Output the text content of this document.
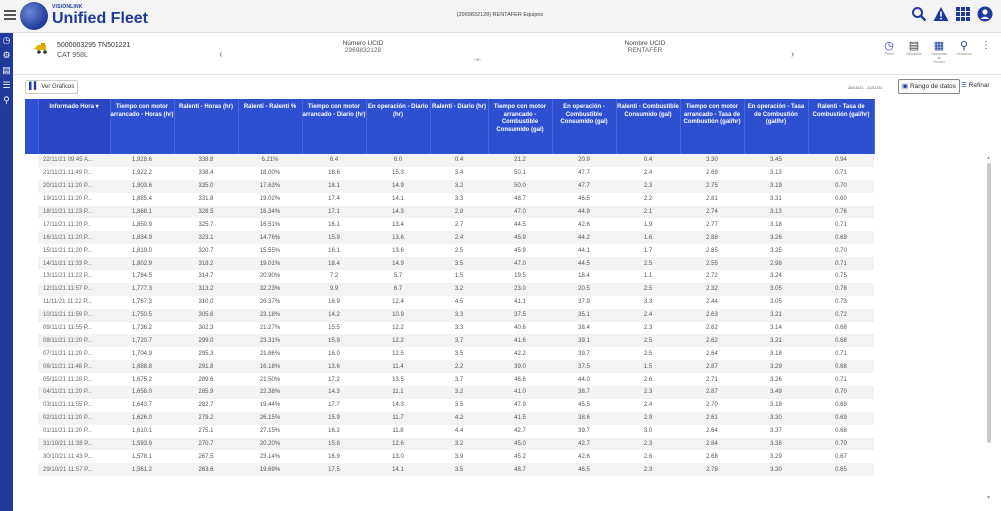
VISIONLINK
Unified Fleet	(2969832128) RENTAFER Equipos
◷
⚙
▤
☰
⚲
5000003295 TN501221
CAT 958L	‹
Número UCID
2969832128
○●○
Nombre UCID
RENTAFER	›
◷
Panel
▤
Utilización
▦
Operación de Horario
⚲
Ubicación
⋮
▌▍ Ver Gráficos	28/10/21 - 22/11/21	▣ Rango de datos ☰ Refinar
	Informado Hora ▾	Tiempo con motor arrancado - Horas (hr)	Ralentí - Horas (hr)	Ralentí - Ralentí %	Tiempo con motor arrancado - Diario (hr)	En operación - Diario (hr)	Ralentí - Diario (hr)	Tiempo con motor arrancado - Combustible Consumido (gal)	En operación - Combustible Consumido (gal)	Ralentí - Combustible Consumido (gal)	Tiempo con motor arrancado - Tasa de Combustión (gal/hr)	En operación - Tasa de Combustión (gal/hr)	Ralentí - Tasa de Combustión (gal/hr)
	22/11/21 09:45 A...	1,928.6	338.8	6.21%	6.4	6.0	0.4	21.2	20.9	0.4	3.30	3.45	0.94
	21/11/21 11:49 P...	1,922.2	338.4	18.00%	18.6	15.3	3.4	50.1	47.7	2.4	2.69	3.13	0.71
	20/11/21 11:20 P...	1,903.6	335.0	17.63%	18.1	14.9	3.2	50.0	47.7	2.3	2.75	3.19	0.70
	19/11/21 11:20 P...	1,885.4	331.8	19.02%	17.4	14.1	3.3	48.7	46.5	2.2	2.81	3.31	0.60
	18/11/21 11:23 P...	1,868.1	328.5	16.34%	17.1	14.3	2.8	47.0	44.9	2.1	2.74	3.13	0.76
	17/11/21 11:20 P...	1,850.9	325.7	16.51%	16.1	13.4	2.7	44.5	42.6	1.9	2.77	3.18	0.71
	16/11/21 11:20 P...	1,834.9	323.1	14.76%	15.9	13.6	2.4	45.9	44.2	1.6	2.88	3.26	0.69
	15/11/21 11:20 P...	1,819.0	320.7	15.55%	16.1	13.6	2.5	45.9	44.1	1.7	2.85	3.25	0.70
	14/11/21 11:33 P...	1,802.9	318.2	19.01%	18.4	14.9	3.5	47.0	44.5	2.5	2.55	2.98	0.71
	13/11/21 11:22 P...	1,784.5	314.7	20.90%	7.2	5.7	1.5	19.5	18.4	1.1	2.72	3.24	0.75
	12/11/21 11:57 P...	1,777.3	313.2	32.23%	9.9	6.7	3.2	23.0	20.5	2.5	2.32	3.05	0.78
	11/11/21 11:22 P...	1,767.3	310.0	26.37%	16.9	12.4	4.5	41.1	37.9	3.3	2.44	3.05	0.73
	10/11/21 11:59 P...	1,750.5	305.6	23.18%	14.2	10.9	3.3	37.5	35.1	2.4	2.63	3.21	0.72
	09/11/21 11:55 P...	1,736.2	302.3	21.27%	15.5	12.2	3.3	40.6	38.4	2.3	2.62	3.14	0.68
	08/11/21 11:20 P...	1,720.7	299.0	23.31%	15.9	12.2	3.7	41.6	39.1	2.5	2.62	3.21	0.68
	07/11/21 11:20 P...	1,704.9	295.3	21.86%	16.0	12.5	3.5	42.2	39.7	2.5	2.64	3.18	0.71
	06/11/21 11:48 P...	1,688.8	291.8	16.18%	13.6	11.4	2.2	39.0	37.5	1.5	2.87	3.29	0.68
	05/11/21 11:28 P...	1,675.2	289.6	21.50%	17.2	13.5	3.7	46.6	44.0	2.6	2.71	3.26	0.71
	04/11/21 11:20 P...	1,658.0	285.9	22.38%	14.3	11.1	3.2	41.0	38.7	2.3	2.87	3.49	0.70
	03/11/21 11:55 P...	1,643.7	282.7	19.44%	17.7	14.3	3.5	47.9	45.5	2.4	2.70	3.18	0.69
	02/11/21 11:20 P...	1,626.0	279.2	26.15%	15.9	11.7	4.2	41.5	38.6	2.9	2.61	3.30	0.69
	01/11/21 11:20 P...	1,610.1	275.1	27.15%	16.2	11.8	4.4	42.7	39.7	3.0	2.64	3.37	0.68
	31/10/21 11:38 P...	1,593.9	270.7	20.20%	15.8	12.6	3.2	45.0	42.7	2.3	2.84	3.38	0.70
	30/10/21 11:43 P...	1,578.1	267.5	23.14%	16.9	13.0	3.9	45.2	42.6	2.6	2.68	3.29	0.67
	29/10/21 11:57 P...	1,561.2	263.6	19.69%	17.5	14.1	3.5	48.7	46.5	2.3	2.78	3.30	0.65
▲
▼
